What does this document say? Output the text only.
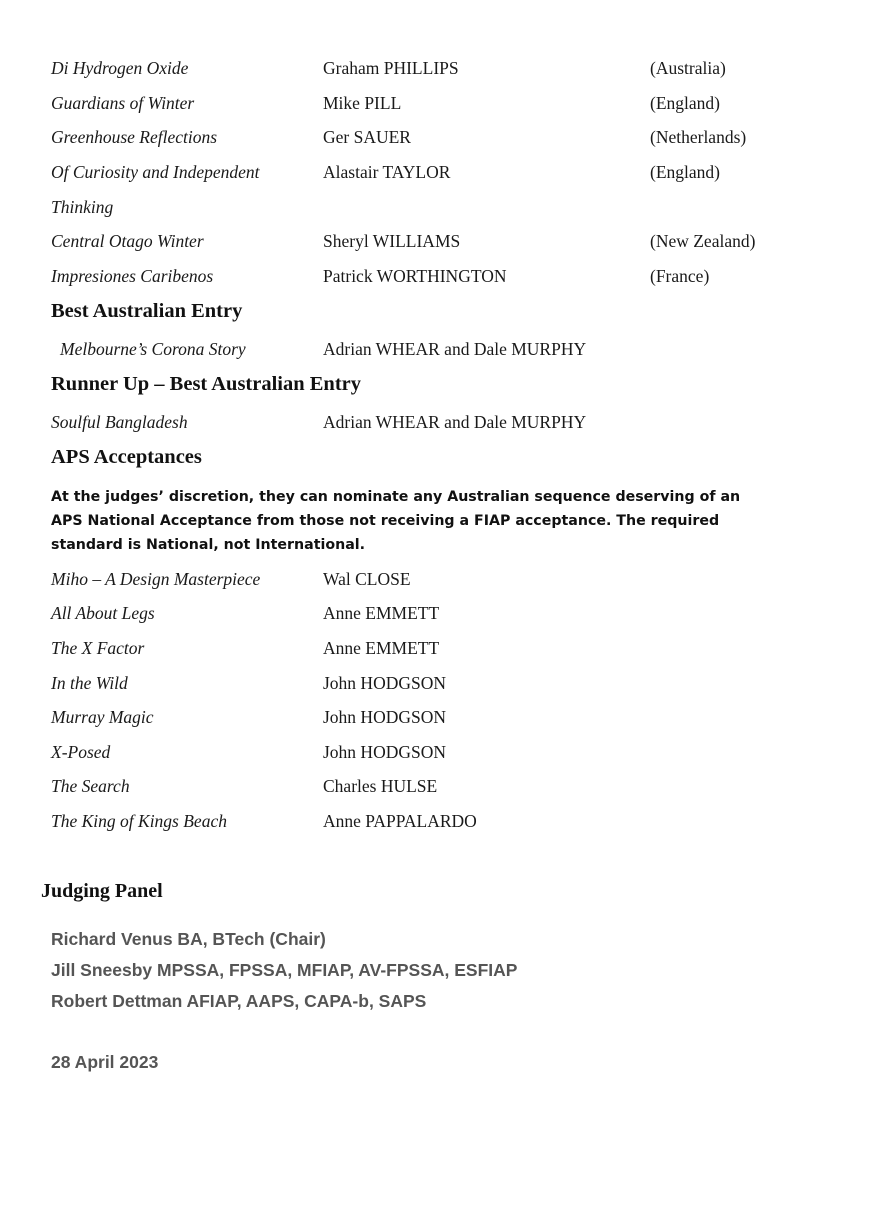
Di Hydrogen Oxide	Graham PHILLIPS	(Australia)
Guardians of Winter	Mike PILL	(England)
Greenhouse Reflections	Ger SAUER	(Netherlands)
Of Curiosity and Independent	Alastair TAYLOR	(England)
Thinking
Central Otago Winter	Sheryl WILLIAMS	(New Zealand)
Impresiones Caribenos	Patrick WORTHINGTON	(France)
Best Australian Entry
Melbourne’s Corona Story	Adrian WHEAR and Dale MURPHY
Runner Up – Best Australian Entry
Soulful Bangladesh	Adrian WHEAR and Dale MURPHY
APS Acceptances
At the judges’ discretion, they can nominate any Australian sequence deserving of an APS National Acceptance from those not receiving a FIAP acceptance. The required standard is National, not International.
Miho – A Design Masterpiece	Wal CLOSE
All About Legs	Anne EMMETT
The X Factor	Anne EMMETT
In the Wild	John HODGSON
Murray Magic	John HODGSON
X-Posed	John HODGSON
The Search	Charles HULSE
The King of Kings Beach	Anne PAPPALARDO
Judging Panel
Richard Venus BA, BTech (Chair)
Jill Sneesby MPSSA, FPSSA, MFIAP, AV-FPSSA, ESFIAP
Robert Dettman AFIAP, AAPS, CAPA-b, SAPS
28 April 2023
